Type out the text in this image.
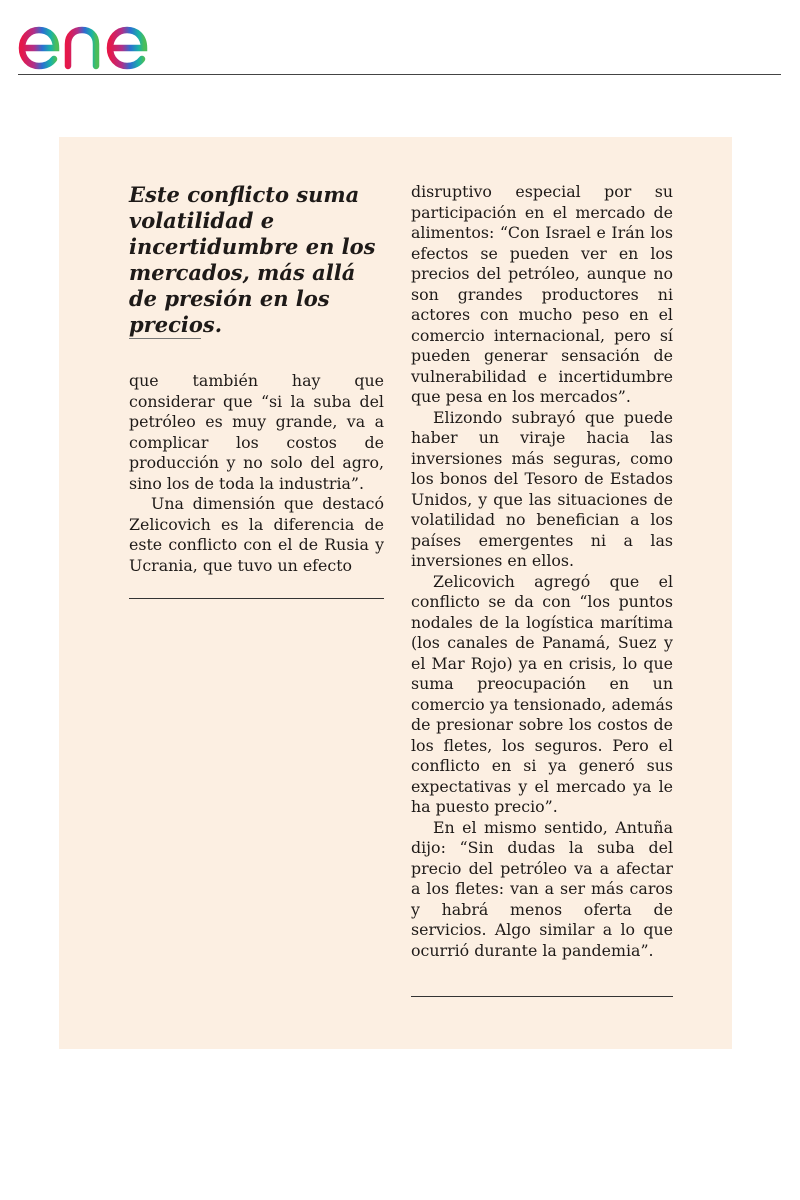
Este conflicto suma volatilidad e incertidumbre en los mercados, más allá de presión en los precios.

que también hay que considerar que “si la suba del petróleo es muy grande, va a complicar los costos de producción y no solo del agro, sino los de toda la industria”.

Una dimensión que destacó Zelicovich es la diferencia de este conflicto con el de Rusia y Ucrania, que tuvo un efecto

disruptivo especial por su participación en el mercado de alimentos: “Con Israel e Irán los efectos se pueden ver en los precios del petróleo, aunque no son grandes productores ni actores con mucho peso en el comercio internacional, pero sí pueden generar sensación de vulnerabilidad e incertidumbre que pesa en los mercados”.

Elizondo subrayó que puede haber un viraje hacia las inversiones más seguras, como los bonos del Tesoro de Estados Unidos, y que las situaciones de volatilidad no benefician a los países emergentes ni a las inversiones en ellos.

Zelicovich agregó que el conflicto se da con “los puntos nodales de la logística marítima (los canales de Panamá, Suez y el Mar Rojo) ya en crisis, lo que suma preocupación en un comercio ya tensionado, además de presionar sobre los costos de los fletes, los seguros. Pero el conflicto en si ya generó sus expectativas y el mercado ya le ha puesto precio”.

En el mismo sentido, Antuña dijo: “Sin dudas la suba del precio del petróleo va a afectar a los fletes: van a ser más caros y habrá menos oferta de servicios. Algo similar a lo que ocurrió durante la pandemia”.
